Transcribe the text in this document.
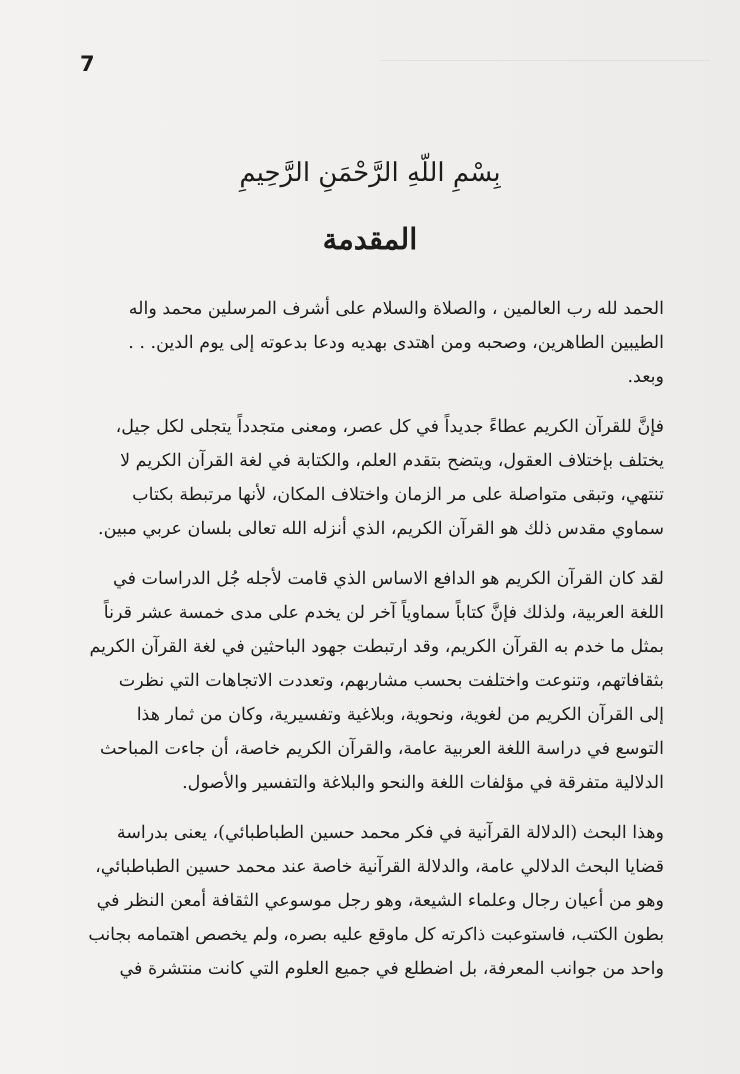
7
بِسْمِ اللّهِ الرَّحْمَنِ الرَّحِيمِ
المقدمة
الحمد لله رب العالمين ، والصلاة والسلام على أشرف المرسلين محمد واله
الطيبين الطاهرين، وصحبه ومن اهتدى بهديه ودعا بدعوته إلى يوم الدين. . .
وبعد.
فإنَّ للقرآن الكريم عطاءً جديداً في كل عصر، ومعنى متجدداً يتجلى لكل جيل،
يختلف بإختلاف العقول، ويتضح بتقدم العلم، والكتابة في لغة القرآن الكريم لا
تنتهي، وتبقى متواصلة على مر الزمان واختلاف المكان، لأنها مرتبطة بكتاب
سماوي مقدس ذلك هو القرآن الكريم، الذي أنزله الله تعالى بلسان عربي مبين.
لقد كان القرآن الكريم هو الدافع الاساس الذي قامت لأجله جُل الدراسات في
اللغة العربية، ولذلك فإنَّ كتاباً سماوياً آخر لن يخدم على مدى خمسة عشر قرناً
بمثل ما خدم به القرآن الكريم، وقد ارتبطت جهود الباحثين في لغة القرآن الكريم
بثقافاتهم، وتنوعت واختلفت بحسب مشاربهم، وتعددت الاتجاهات التي نظرت
إلى القرآن الكريم من لغوية، ونحوية، وبلاغية وتفسيرية، وكان من ثمار هذا
التوسع في دراسة اللغة العربية عامة، والقرآن الكريم خاصة، أن جاءت المباحث
الدلالية متفرقة في مؤلفات اللغة والنحو والبلاغة والتفسير والأصول.
وهذا البحث (الدلالة القرآنية في فكر محمد حسين الطباطبائي)، يعنى بدراسة
قضايا البحث الدلالي عامة، والدلالة القرآنية خاصة عند محمد حسين الطباطبائي،
وهو من أعيان رجال وعلماء الشيعة، وهو رجل موسوعي الثقافة أمعن النظر في
بطون الكتب، فاستوعبت ذاكرته كل ماوقع عليه بصره، ولم يخصص اهتمامه بجانب
واحد من جوانب المعرفة، بل اضطلع في جميع العلوم التي كانت منتشرة في
